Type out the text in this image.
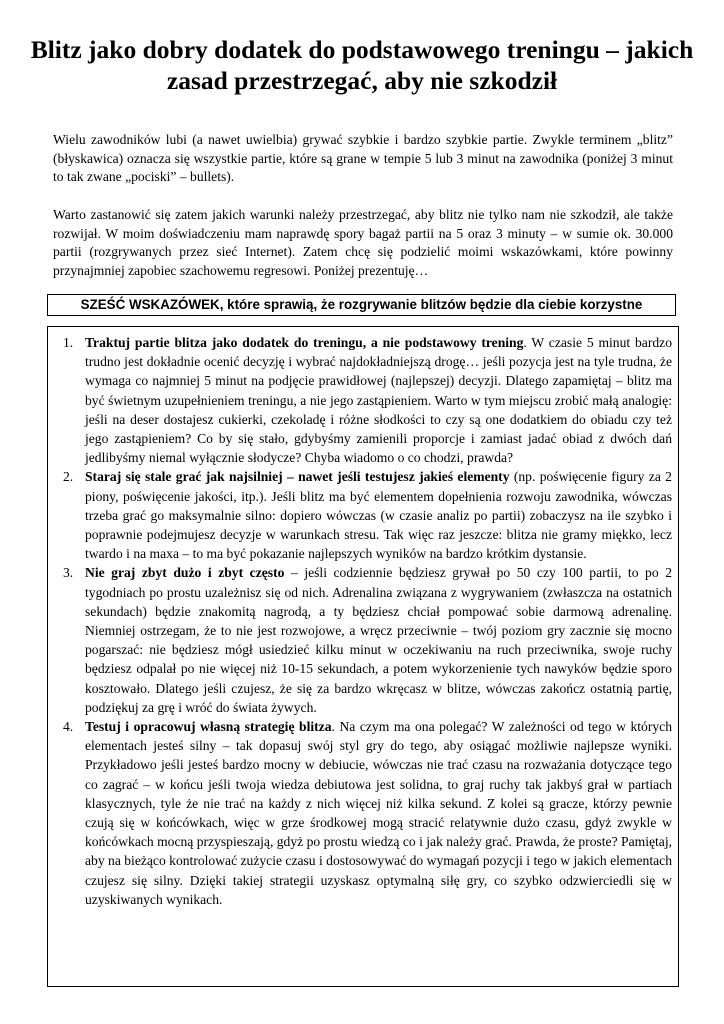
Blitz jako dobry dodatek do podstawowego treningu – jakich zasad przestrzegać, aby nie szkodził

Wielu zawodników lubi (a nawet uwielbia) grywać szybkie i bardzo szybkie partie. Zwykle terminem „blitz” (błyskawica) oznacza się wszystkie partie, które są grane w tempie 5 lub 3 minut na zawodnika (poniżej 3 minut to tak zwane „pociski” – bullets).

Warto zastanowić się zatem jakich warunki należy przestrzegać, aby blitz nie tylko nam nie szkodził, ale także rozwijał. W moim doświadczeniu mam naprawdę spory bagaż partii na 5 oraz 3 minuty – w sumie ok. 30.000 partii (rozgrywanych przez sieć Internet). Zatem chcę się podzielić moimi wskazówkami, które powinny przynajmniej zapobiec szachowemu regresowi. Poniżej prezentuję…

SZEŚĆ WSKAZÓWEK, które sprawią, że rozgrywanie blitzów będzie dla ciebie korzystne
1. Traktuj partie blitza jako dodatek do treningu, a nie podstawowy trening. W czasie 5 minut bardzo trudno jest dokładnie ocenić decyzję i wybrać najdokładniejszą drogę… jeśli pozycja jest na tyle trudna, że wymaga co najmniej 5 minut na podjęcie prawidłowej (najlepszej) decyzji. Dlatego zapamiętaj – blitz ma być świetnym uzupełnieniem treningu, a nie jego zastąpieniem. Warto w tym miejscu zrobić małą analogię: jeśli na deser dostajesz cukierki, czekoladę i różne słodkości to czy są one dodatkiem do obiadu czy też jego zastąpieniem? Co by się stało, gdybyśmy zamienili proporcje i zamiast jadać obiad z dwóch dań jedlibyśmy niemal wyłącznie słodycze? Chyba wiadomo o co chodzi, prawda?
2. Staraj się stale grać jak najsilniej – nawet jeśli testujesz jakieś elementy (np. poświęcenie figury za 2 piony, poświęcenie jakości, itp.). Jeśli blitz ma być elementem dopełnienia rozwoju zawodnika, wówczas trzeba grać go maksymalnie silno: dopiero wówczas (w czasie analiz po partii) zobaczysz na ile szybko i poprawnie podejmujesz decyzje w warunkach stresu. Tak więc raz jeszcze: blitza nie gramy miękko, lecz twardo i na maxa – to ma być pokazanie najlepszych wyników na bardzo krótkim dystansie.
3. Nie graj zbyt dużo i zbyt często – jeśli codziennie będziesz grywał po 50 czy 100 partii, to po 2 tygodniach po prostu uzależnisz się od nich. Adrenalina związana z wygrywaniem (zwłaszcza na ostatnich sekundach) będzie znakomitą nagrodą, a ty będziesz chciał pompować sobie darmową adrenalinę. Niemniej ostrzegam, że to nie jest rozwojowe, a wręcz przeciwnie – twój poziom gry zacznie się mocno pogarszać: nie będziesz mógł usiedzieć kilku minut w oczekiwaniu na ruch przeciwnika, swoje ruchy będziesz odpalał po nie więcej niż 10-15 sekundach, a potem wykorzenienie tych nawyków będzie sporo kosztowało. Dlatego jeśli czujesz, że się za bardzo wkręcasz w blitze, wówczas zakończ ostatnią partię, podziękuj za grę i wróć do świata żywych.
4. Testuj i opracowuj własną strategię blitza. Na czym ma ona polegać? W zależności od tego w których elementach jesteś silny – tak dopasuj swój styl gry do tego, aby osiągać możliwie najlepsze wyniki. Przykładowo jeśli jesteś bardzo mocny w debiucie, wówczas nie trać czasu na rozważania dotyczące tego co zagrać – w końcu jeśli twoja wiedza debiutowa jest solidna, to graj ruchy tak jakbyś grał w partiach klasycznych, tyle że nie trać na każdy z nich więcej niż kilka sekund. Z kolei są gracze, którzy pewnie czują się w końcówkach, więc w grze środkowej mogą stracić relatywnie dużo czasu, gdyż zwykle w końcówkach mocną przyspieszają, gdyż po prostu wiedzą co i jak należy grać. Prawda, że proste? Pamiętaj, aby na bieżąco kontrolować zużycie czasu i dostosowywać do wymagań pozycji i tego w jakich elementach czujesz się silny. Dzięki takiej strategii uzyskasz optymalną siłę gry, co szybko odzwierciedli się w uzyskiwanych wynikach.
